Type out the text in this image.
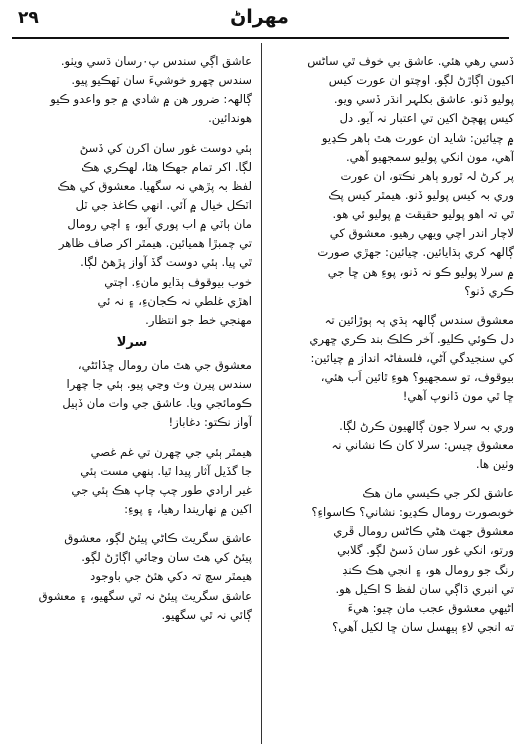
٢٩	مهراڻ
ڏسي رهي هئي. عاشق بي خوف ٿي ساڻس
اکيون اڳاڙڻ لڳو. اوچتو ان عورت کيس
پوليو ڏنو. عاشق بکلہر انڌر ڏسي ويو.
کيس پهچڻ اکين تي اعتبار نہ آيو. دل
۾ چيائين: شايد ان عورت هٿ ٻاهر ڪڍيو
آهي، مون انکي پوليو سمجهيو آهي.
پر کرڻ لہ ٿورو ٻاهر نڪتو، ان عورت
وري بہ کيس پوليو ڏنو. هيمٿر کيس پڪ
ٿي تہ اهو پوليو حقيقت ۾ پوليو ئي هو.
لاچار اندر اچي ويهي رهيو. معشوق کي
ڳالهہ کري ٻڌايائين. چيائين: جهڙي صورت
۾ سرلا پوليو ڪو نہ ڏنو، پوءِ هن ڇا جي
ڪري ڏنو؟
معشوق سندس ڳالهہ ٻڌي ٻہ ٻوڙائين تہ
دل ڪوئي ڪليو. آخر ڪلڪ بند ڪري ڇهري
کي سنجيدگي آڻي، فلسفاڻہ انداز ۾ چيائين:
بيوقوف، تو سمجهيو؟ هوءِ ٿائين اَب هئي،
ڇا ٿي مون ڏانوپ آهي!
وري بہ سرلا جون ڳالهيون ڪرڻ لڳا.
معشوق چيس: سرلا کان ڪا نشاني نہ
وٺين ها.
عاشق لکر جي ڪيسي مان هڪ
خوبصورت رومال ڪڍيو: نشاني؟ ڪاسواءِ؟
معشوق جهٽ هڻي ڪاڻس رومال ڦري
ورتو، انکي غور سان ڏسڻ لڳو. گلابي
رنگ جو رومال هو، ۽ انجي هڪ ڪنڊ
تي انبري ڌاڳي سان لفظ S اڪيل هو.
اڻيهي معشوق عجب مان چيو: هيءَ
ته انجي لاءِ ٻيهسل سان ڇا لکيل آهي؟
عاشق اڳي سندس پ٠رسان ڌسي ويٺو.
سندس چهرو خوشيءَ سان ٽهڪيو پيو.
ڳالهہ: ضرور هن ۾ شادي ۾ جو واعدو ڪيو
هوندائين.
ٻئي دوست غور سان اکرن کي ڏسڻ
لڳا. اکر تمام جهڪا هئا، لهڪري هڪ
لفظ بہ پڙهي نہ سگهيا. معشوق کي هڪ
اٽڪل خيال ۾ آئي. انهي ڪاغذ جي ٽل
مان ٻاٽي ۾ اب پوري آيو، ۽ اچي رومال
تي چمبڙا هميائين. هيمٿر اکر صاف ظاهر
ٿي پيا. ٻئي دوست گڏ آواز پڙهڻ لڳا.
خوب بيوقوف ٻڌايو مانءِ. اڄتي
اهڙي غلطي نہ ڪجانءِ، ۽ نہ ئي
مهنجي خط جو انتظار.
سرلا
معشوق جي هٿ مان رومال ڇڏائڻي،
سندس پيرن وٽ وڃي پيو. ٻئي جا چهرا
ڪومائجي ويا. عاشق جي وات مان ڏٻيل
آواز نڪتو: دغاباز!
هيمٿر ٻئي جي چهرن تي غم غصي
جا گڏيل آثار پيدا ٿيا. ٻنهي مست ٻئي
غير ارادي طور چپ چاپ هڪ ٻئي جي
اکين ۾ نهاريندا رهيا، ۽ پوءِ:
عاشق سگريٽ ڪاڻي پيئڻ لڳو، معشوق
پيئڻ کي هٿ سان وڃائي اڳاڙڻ لڳو.
هيمٿر سچ تہ دکي هئڻ جي باوجود
عاشق سگريٽ پيئڻ نہ ٿي سگهيو، ۽ معشوق
ڳائي نہ ٿي سگهيو.
